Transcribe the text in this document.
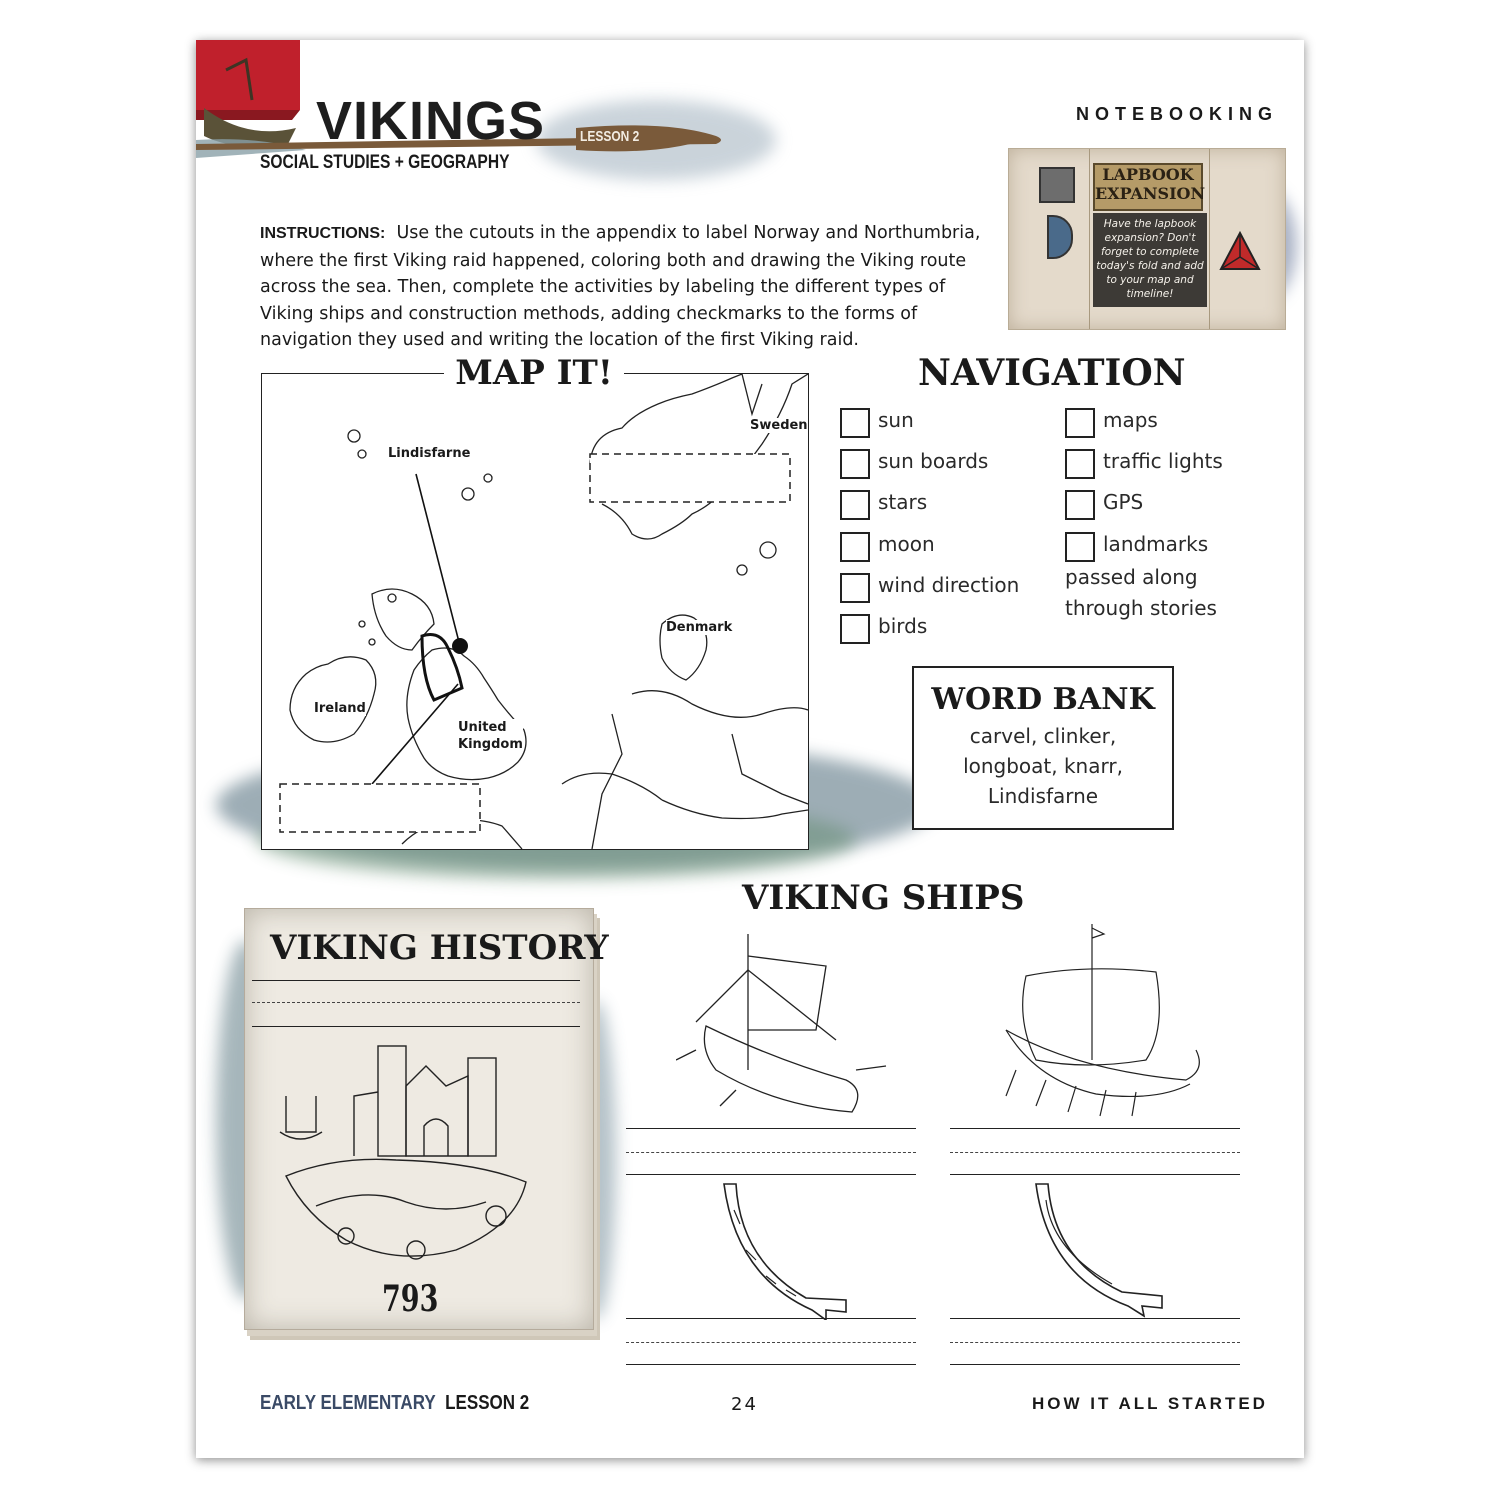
VIKINGS
SOCIAL STUDIES + GEOGRAPHY
LESSON 2
NOTEBOOKING
INSTRUCTIONS: Use the cutouts in the appendix to label Norway and Northumbria, where the first Viking raid happened, coloring both and drawing the Viking route across the sea. Then, complete the activities by labeling the different types of Viking ships and construction methods, adding checkmarks to the forms of navigation they used and writing the location of the first Viking raid.
LAPBOOK EXPANSION
Have the lapbook expansion? Don't forget to complete today's fold and add to your map and timeline!
Sweden
Lindisfarne
Denmark
Ireland
United
Kingdom
MAP IT!	NAVIGATION
sun
sun boards
stars
moon
wind direction
birds
maps
traffic lights
GPS
landmarks
passed along through stories
WORD BANK
carvel, clinker, longboat, knarr, Lindisfarne
VIKING HISTORY
793
VIKING SHIPS
EARLY ELEMENTARY LESSON 2	24	HOW IT ALL STARTED
